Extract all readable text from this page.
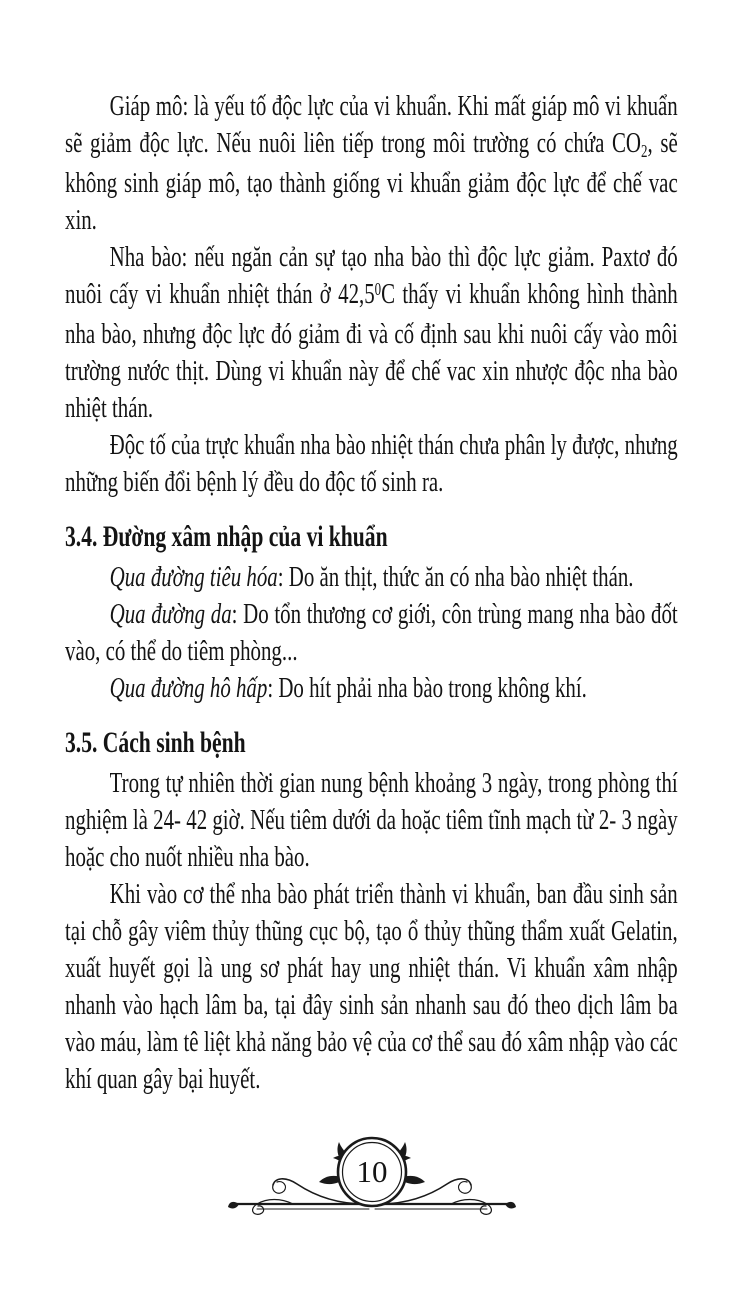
Giáp mô: là yếu tố độc lực của vi khuẩn. Khi mất giáp mô vi khuẩn sẽ giảm độc lực. Nếu nuôi liên tiếp trong môi trường có chứa $CO_2$, sẽ không sinh giáp mô, tạo thành giống vi khuẩn giảm độc lực để chế vac xin.

Nha bào: nếu ngăn cản sự tạo nha bào thì độc lực giảm. Paxtơ đó nuôi cấy vi khuẩn nhiệt thán ở 42,5$^0$C thấy vi khuẩn không hình thành nha bào, nhưng độc lực đó giảm đi và cố định sau khi nuôi cấy vào môi trường nước thịt. Dùng vi khuẩn này để chế vac xin nhược độc nha bào nhiệt thán.

Độc tố của trực khuẩn nha bào nhiệt thán chưa phân ly được, nhưng những biến đổi bệnh lý đều do độc tố sinh ra.

3.4. Đường xâm nhập của vi khuẩn

Qua đường tiêu hóa: Do ăn thịt, thức ăn có nha bào nhiệt thán.

Qua đường da: Do tổn thương cơ giới, côn trùng mang nha bào đốt vào, có thể do tiêm phòng...

Qua đường hô hấp: Do hít phải nha bào trong không khí.

3.5. Cách sinh bệnh

Trong tự nhiên thời gian nung bệnh khoảng 3 ngày, trong phòng thí nghiệm là 24- 42 giờ. Nếu tiêm dưới da hoặc tiêm tĩnh mạch từ 2- 3 ngày hoặc cho nuốt nhiều nha bào.

Khi vào cơ thể nha bào phát triển thành vi khuẩn, ban đầu sinh sản tại chỗ gây viêm thủy thũng cục bộ, tạo ổ thủy thũng thẩm xuất Gelatin, xuất huyết gọi là ung sơ phát hay ung nhiệt thán. Vi khuẩn xâm nhập nhanh vào hạch lâm ba, tại đây sinh sản nhanh sau đó theo dịch lâm ba vào máu, làm tê liệt khả năng bảo vệ của cơ thể sau đó xâm nhập vào các khí quan gây bại huyết.

10
